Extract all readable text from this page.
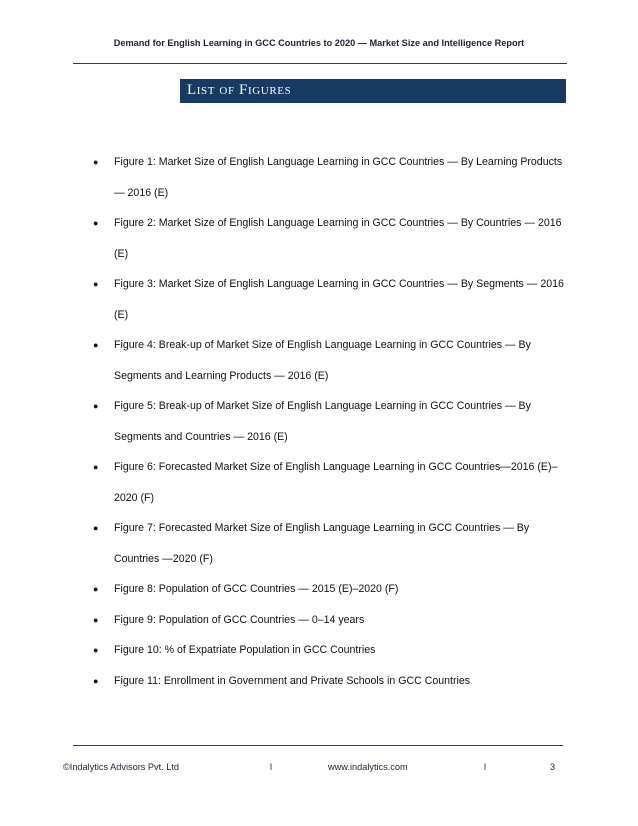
Demand for English Learning in GCC Countries to 2020 — Market Size and Intelligence Report
List of Figures
● Figure 1: Market Size of English Language Learning in GCC Countries — By Learning Products — 2016 (E)
● Figure 2: Market Size of English Language Learning in GCC Countries — By Countries — 2016 (E)
● Figure 3: Market Size of English Language Learning in GCC Countries — By Segments — 2016 (E)
● Figure 4: Break-up of Market Size of English Language Learning in GCC Countries — By Segments and Learning Products — 2016 (E)
● Figure 5: Break-up of Market Size of English Language Learning in GCC Countries — By Segments and Countries — 2016 (E)
● Figure 6: Forecasted Market Size of English Language Learning in GCC Countries—2016 (E)–2020 (F)
● Figure 7: Forecasted Market Size of English Language Learning in GCC Countries — By Countries —2020 (F)
● Figure 8: Population of GCC Countries — 2015 (E)–2020 (F)
● Figure 9: Population of GCC Countries — 0–14 years
● Figure 10: % of Expatriate Population in GCC Countries
● Figure 11: Enrollment in Government and Private Schools in GCC Countries
©Indalytics Advisors Pvt. Ltd	l	www.indalytics.com	l	3
